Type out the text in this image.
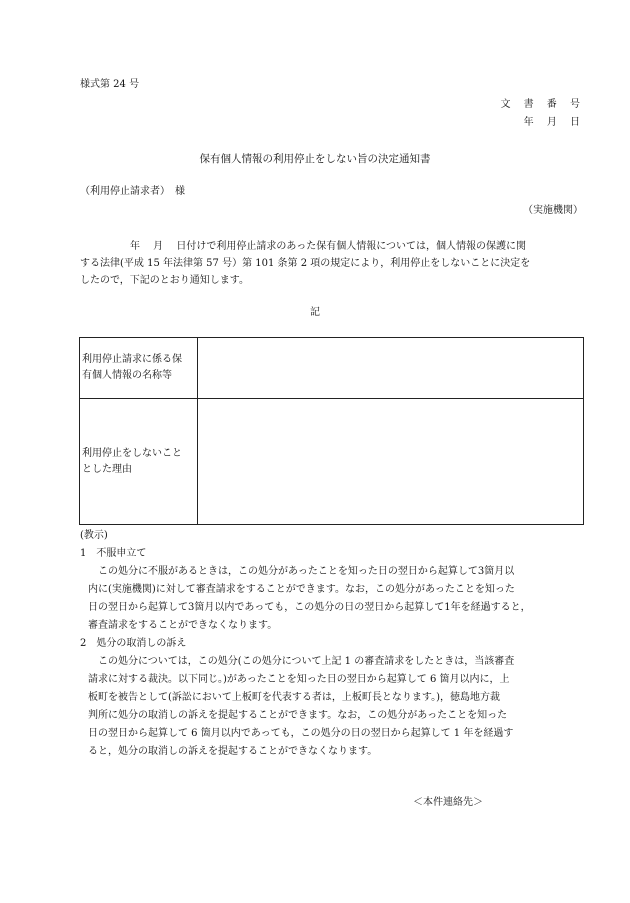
様式第 24 号
文 書 番 号
年 月 日
保有個人情報の利用停止をしない旨の決定通知書
（利用停止請求者）　様
（実施機関）
　　　　　年　 月　 日付けで利用停止請求のあった保有個人情報については，個人情報の保護に関
する法律(平成 15 年法律第 57 号）第 101 条第 2 項の規定により，利用停止をしないことに決定を
したので，下記のとおり通知します。
記
利用停止請求に係る保
有個人情報の名称等	

利用停止をしないこと
とした理由	

(教示)
1　不服申立て
この処分に不服があるときは，この処分があったことを知った日の翌日から起算して3箇月以
内に(実施機関)に対して審査請求をすることができます。なお，この処分があったことを知った
日の翌日から起算して3箇月以内であっても，この処分の日の翌日から起算して1年を経過すると，
審査請求をすることができなくなります。
2　処分の取消しの訴え
この処分については，この処分(この処分について上記 1 の審査請求をしたときは，当該審査
請求に対する裁決。以下同じ。)があったことを知った日の翌日から起算して 6 箇月以内に，上
板町を被告として(訴訟において上板町を代表する者は，上板町長となります。)，徳島地方裁
判所に処分の取消しの訴えを提起することができます。なお，この処分があったことを知った
日の翌日から起算して 6 箇月以内であっても，この処分の日の翌日から起算して 1 年を経過す
ると，処分の取消しの訴えを提起することができなくなります。
＜本件連絡先＞
